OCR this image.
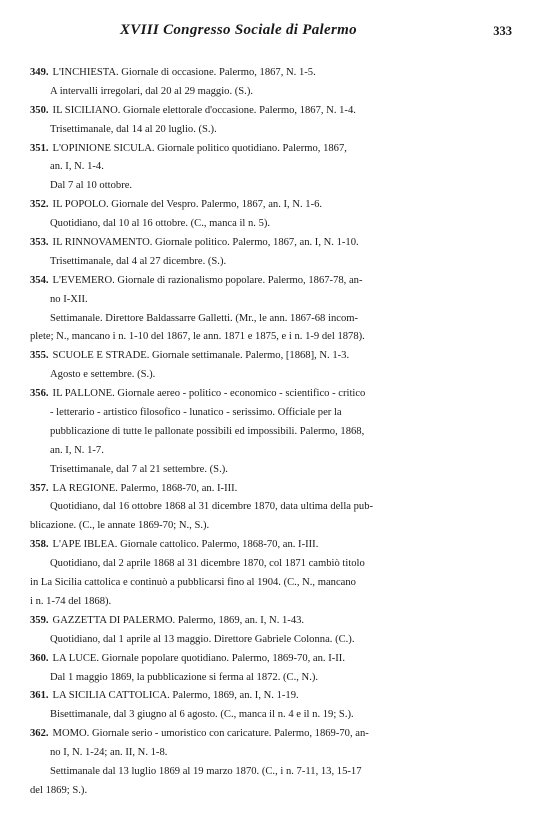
XVIII Congresso Sociale di Palermo	333
349. L'INCHIESTA. Giornale di occasione. Palermo, 1867, N. 1-5.
A intervalli irregolari, dal 20 al 29 maggio. (S.).
350. IL SICILIANO. Giornale elettorale d'occasione. Palermo, 1867, N. 1-4.
Trisettimanale, dal 14 al 20 luglio. (S.).
351. L'OPINIONE SICULA. Giornale politico quotidiano. Palermo, 1867,
an. I, N. 1-4.
Dal 7 al 10 ottobre.
352. IL POPOLO. Giornale del Vespro. Palermo, 1867, an. I, N. 1-6.
Quotidiano, dal 10 al 16 ottobre. (C., manca il n. 5).
353. IL RINNOVAMENTO. Giornale politico. Palermo, 1867, an. I, N. 1-10.
Trisettimanale, dal 4 al 27 dicembre. (S.).
354. L'EVEMERO. Giornale di razionalismo popolare. Palermo, 1867-78, an-
no I-XII.
Settimanale. Direttore Baldassarre Galletti. (Mr., le ann. 1867-68 incom-
plete; N., mancano i n. 1-10 del 1867, le ann. 1871 e 1875, e i n. 1-9 del 1878).
355. SCUOLE E STRADE. Giornale settimanale. Palermo, [1868], N. 1-3.
Agosto e settembre. (S.).
356. IL PALLONE. Giornale aereo - politico - economico - scientifico - critico
- letterario - artistico filosofico - lunatico - serissimo. Officiale per la
pubblicazione di tutte le pallonate possibili ed impossibili. Palermo, 1868,
an. I, N. 1-7.
Trisettimanale, dal 7 al 21 settembre. (S.).
357. LA REGIONE. Palermo, 1868-70, an. I-III.
Quotidiano, dal 16 ottobre 1868 al 31 dicembre 1870, data ultima della pub-
blicazione. (C., le annate 1869-70; N., S.).
358. L'APE IBLEA. Giornale cattolico. Palermo, 1868-70, an. I-III.
Quotidiano, dal 2 aprile 1868 al 31 dicembre 1870, col 1871 cambiò titolo
in La Sicilia cattolica e continuò a pubblicarsi fino al 1904. (C., N., mancano
i n. 1-74 del 1868).
359. GAZZETTA DI PALERMO. Palermo, 1869, an. I, N. 1-43.
Quotidiano, dal 1 aprile al 13 maggio. Direttore Gabriele Colonna. (C.).
360. LA LUCE. Giornale popolare quotidiano. Palermo, 1869-70, an. I-II.
Dal 1 maggio 1869, la pubblicazione si ferma al 1872. (C., N.).
361. LA SICILIA CATTOLICA. Palermo, 1869, an. I, N. 1-19.
Bisettimanale, dal 3 giugno al 6 agosto. (C., manca il n. 4 e il n. 19; S.).
362. MOMO. Giornale serio - umoristico con caricature. Palermo, 1869-70, an-
no I, N. 1-24; an. II, N. 1-8.
Settimanale dal 13 luglio 1869 al 19 marzo 1870. (C., i n. 7-11, 13, 15-17
del 1869; S.).
